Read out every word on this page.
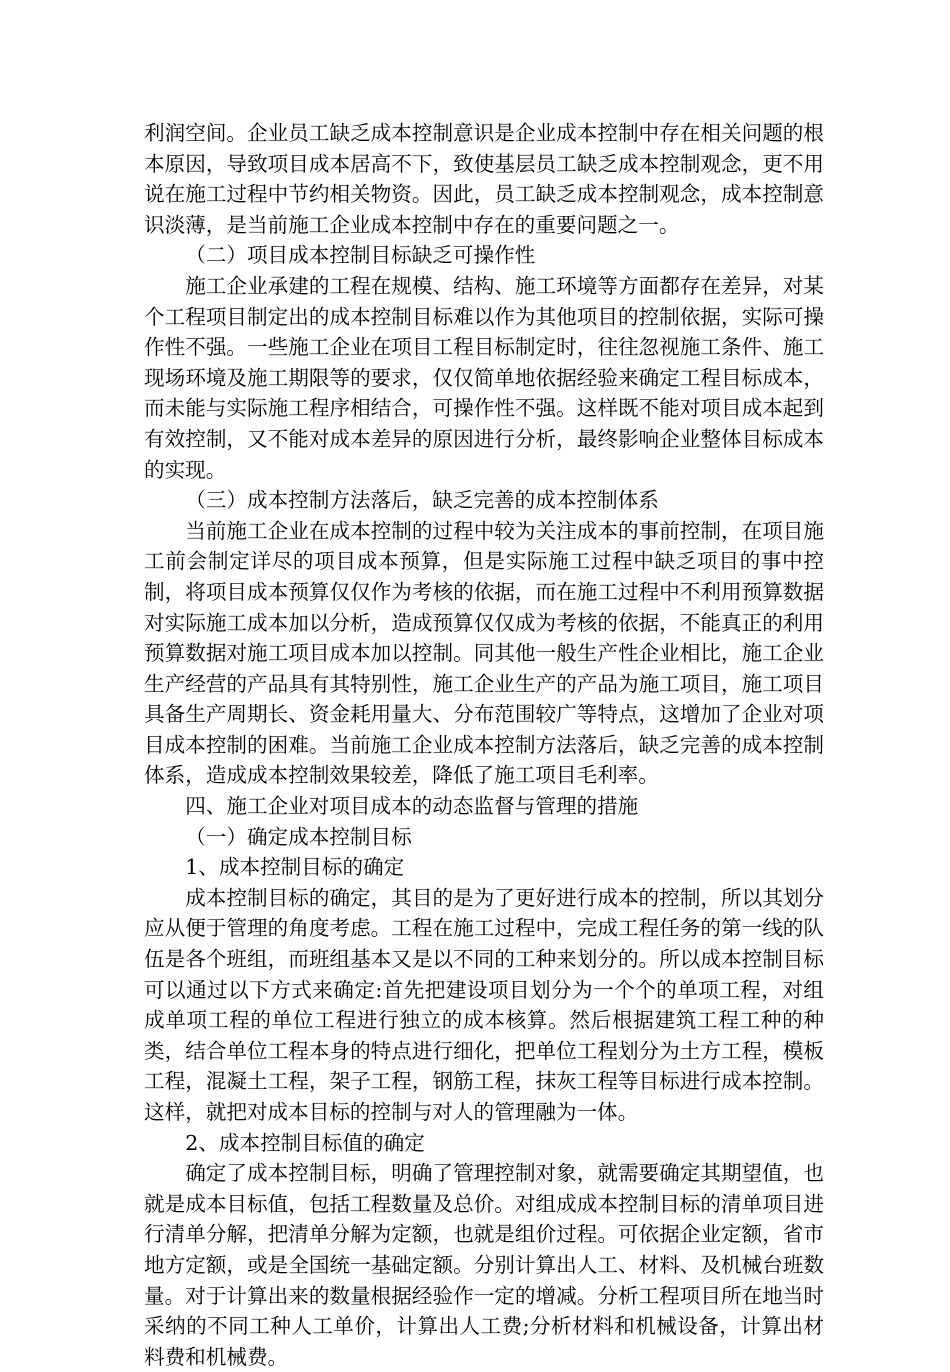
利润空间。企业员工缺乏成本控制意识是企业成本控制中存在相关问题的根本原因，导致项目成本居高不下，致使基层员工缺乏成本控制观念，更不用说在施工过程中节约相关物资。因此，员工缺乏成本控制观念，成本控制意识淡薄，是当前施工企业成本控制中存在的重要问题之一。

（二）项目成本控制目标缺乏可操作性

施工企业承建的工程在规模、结构、施工环境等方面都存在差异，对某个工程项目制定出的成本控制目标难以作为其他项目的控制依据，实际可操作性不强。一些施工企业在项目工程目标制定时，往往忽视施工条件、施工现场环境及施工期限等的要求，仅仅简单地依据经验来确定工程目标成本，而未能与实际施工程序相结合，可操作性不强。这样既不能对项目成本起到有效控制，又不能对成本差异的原因进行分析，最终影响企业整体目标成本的实现。

（三）成本控制方法落后，缺乏完善的成本控制体系

当前施工企业在成本控制的过程中较为关注成本的事前控制，在项目施工前会制定详尽的项目成本预算，但是实际施工过程中缺乏项目的事中控制，将项目成本预算仅仅作为考核的依据，而在施工过程中不利用预算数据对实际施工成本加以分析，造成预算仅仅成为考核的依据，不能真正的利用预算数据对施工项目成本加以控制。同其他一般生产性企业相比，施工企业生产经营的产品具有其特别性，施工企业生产的产品为施工项目，施工项目具备生产周期长、资金耗用量大、分布范围较广等特点，这增加了企业对项目成本控制的困难。当前施工企业成本控制方法落后，缺乏完善的成本控制体系，造成成本控制效果较差，降低了施工项目毛利率。

四、施工企业对项目成本的动态监督与管理的措施

（一）确定成本控制目标

1、成本控制目标的确定

成本控制目标的确定，其目的是为了更好进行成本的控制，所以其划分应从便于管理的角度考虑。工程在施工过程中，完成工程任务的第一线的队伍是各个班组，而班组基本又是以不同的工种来划分的。所以成本控制目标可以通过以下方式来确定:首先把建设项目划分为一个个的单项工程，对组成单项工程的单位工程进行独立的成本核算。然后根据建筑工程工种的种类，结合单位工程本身的特点进行细化，把单位工程划分为土方工程，模板工程，混凝土工程，架子工程，钢筋工程，抹灰工程等目标进行成本控制。这样，就把对成本目标的控制与对人的管理融为一体。

2、成本控制目标值的确定

确定了成本控制目标，明确了管理控制对象，就需要确定其期望值，也就是成本目标值，包括工程数量及总价。对组成成本控制目标的清单项目进行清单分解，把清单分解为定额，也就是组价过程。可依据企业定额，省市地方定额，或是全国统一基础定额。分别计算出人工、材料、及机械台班数量。对于计算出来的数量根据经验作一定的增减。分析工程项目所在地当时采纳的不同工种人工单价，计算出人工费;分析材料和机械设备，计算出材料费和机械费。
